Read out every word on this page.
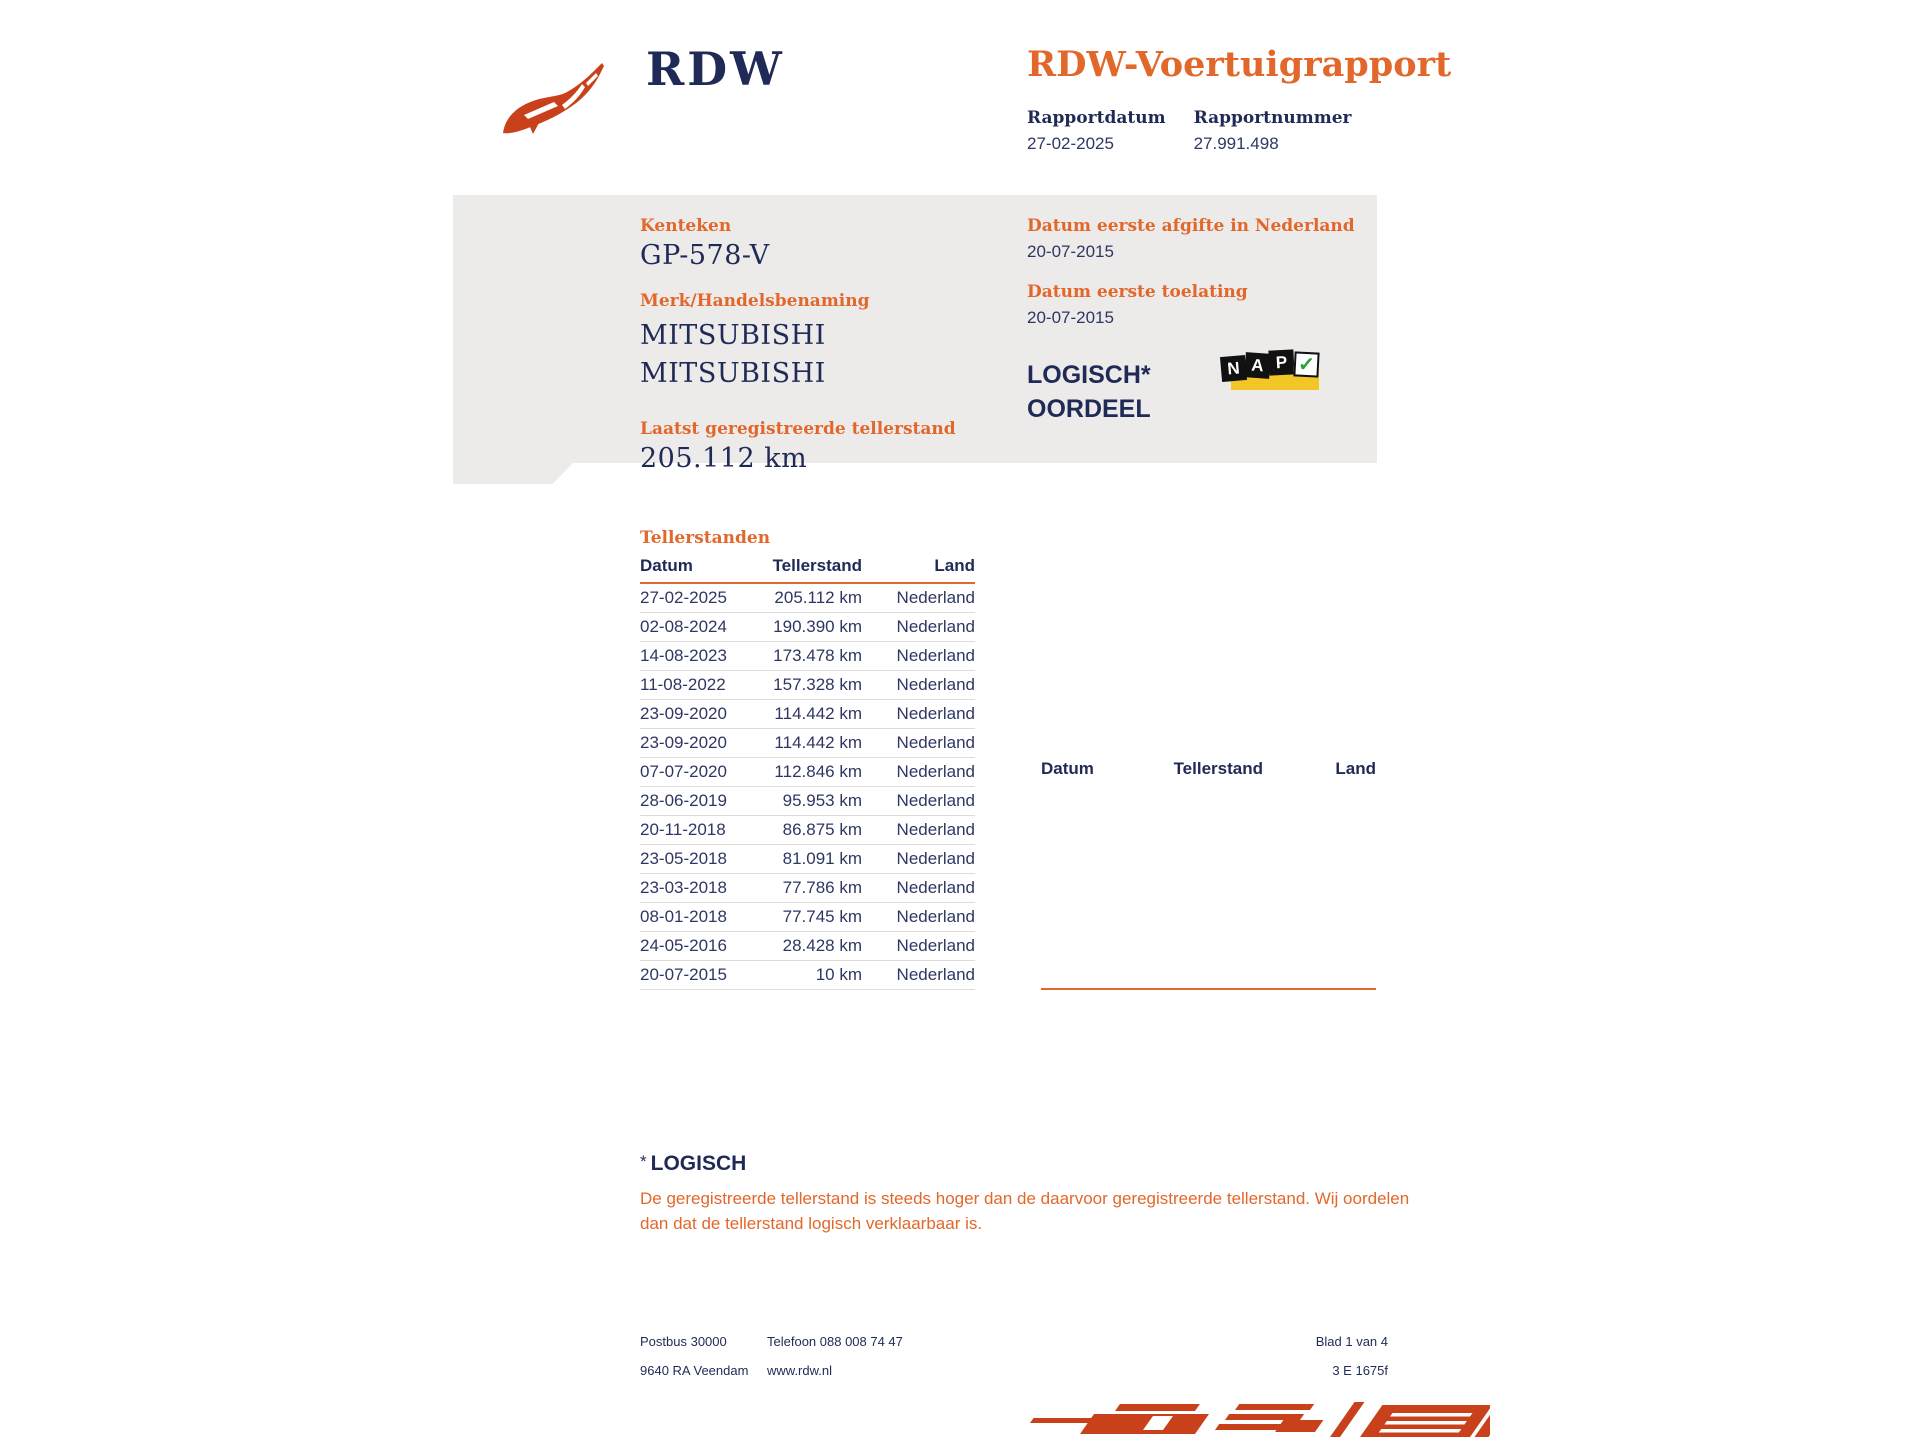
RDW	RDW-Voertuigrapport
Rapportdatum
27-02-2025
Rapportnummer
27.991.498
Kenteken
GP-578-V
Merk/Handelsbenaming
MITSUBISHI
MITSUBISHI
Laatst geregistreerde tellerstand
205.112 km
Datum eerste afgifte in Nederland
20-07-2015
Datum eerste toelating
20-07-2015
LOGISCH*
OORDEEL
N A P ✓
Tellerstanden
Datum	Tellerstand	Land
27-02-2025	205.112 km	Nederland
02-08-2024	190.390 km	Nederland
14-08-2023	173.478 km	Nederland
11-08-2022	157.328 km	Nederland
23-09-2020	114.442 km	Nederland
23-09-2020	114.442 km	Nederland
07-07-2020	112.846 km	Nederland
28-06-2019	95.953 km	Nederland
20-11-2018	86.875 km	Nederland
23-05-2018	81.091 km	Nederland
23-03-2018	77.786 km	Nederland
08-01-2018	77.745 km	Nederland
24-05-2016	28.428 km	Nederland
20-07-2015	10 km	Nederland
Datum	Tellerstand	Land
* LOGISCH
De geregistreerde tellerstand is steeds hoger dan de daarvoor geregistreerde tellerstand. Wij oordelen dan dat de tellerstand logisch verklaarbaar is.
Postbus 30000	Telefoon 088 008 74 47	Blad 1 van 4
9640 RA Veendam	www.rdw.nl	3 E 1675f
